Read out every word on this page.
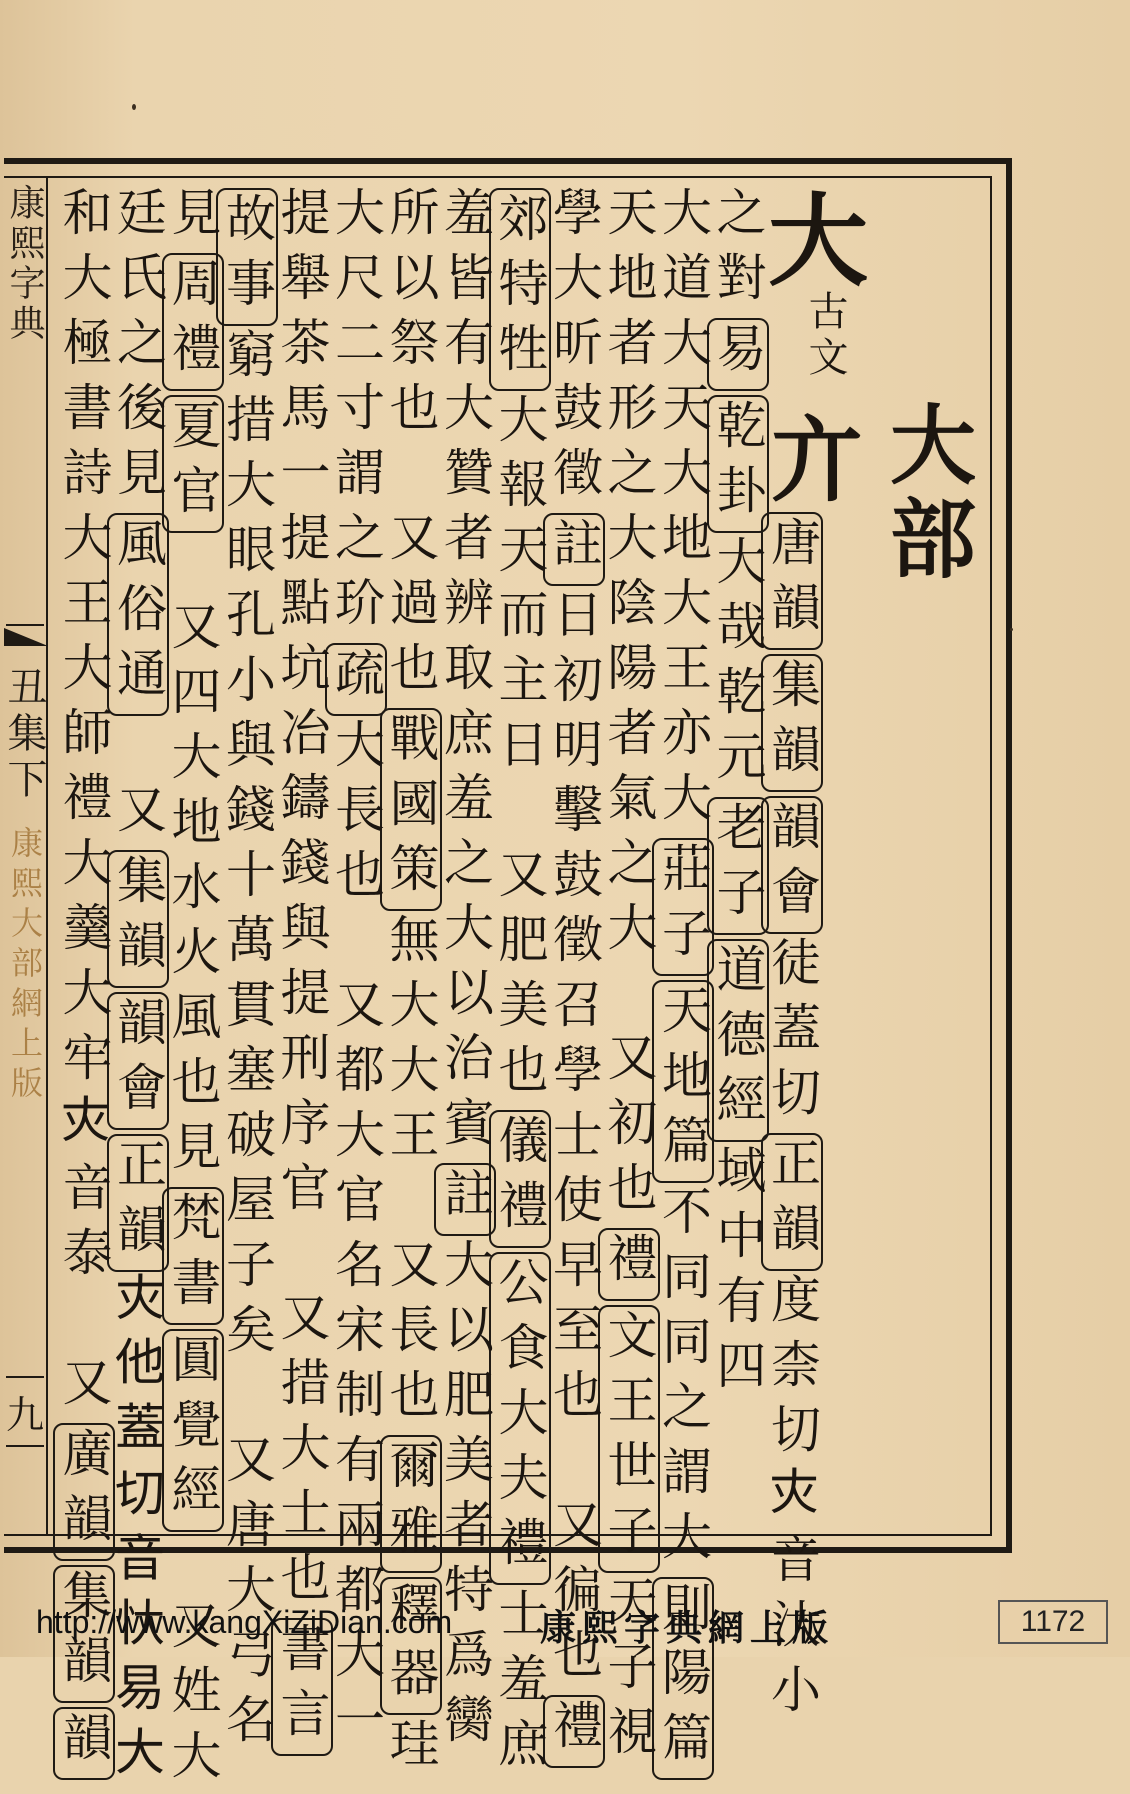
康熙字典
丑集下
康熙大部網上版
九
大部
大
古文
亣
唐韻集韻韻會徒蓋切正韻度柰切𡗜音汏小
之對易乾卦大哉乾元老子道德經域中有四
大道大天大地大王亦大莊子天地篇不同同之謂大則陽篇
天地者形之大陰陽者氣之大　又初也禮文王世子天子視
學大昕鼓徵註日初明擊鼓徵召學士使早至也　又徧也禮
郊特牲大報天而主日　又肥美也儀禮公食大夫禮士羞庶
羞皆有大贊者辨取庶羞之大以治賓註大以肥美者特爲臠
所以祭也　又過也戰國策無大大王　又長也爾雅釋器珪
大尺二寸謂之玠疏大長也　又都大官名宋制有兩都大一
提舉茶馬一提點坑冶鑄錢與提刑序官　又措大士也書言
故事窮措大眼孔小與錢十萬貫塞破屋子矣　又唐大弓名
見周禮夏官　又四大地水火風也見梵書圓覺經　又姓大
廷氏之後見風俗通　又集韻韻會正韻𡗜他蓋切音忕易大
和大極書詩大王大師禮大羹大牢𡗜音泰　又廣韻集韻韻
http://www.kangXiZiDian.com 康熙字典網上版	1172
